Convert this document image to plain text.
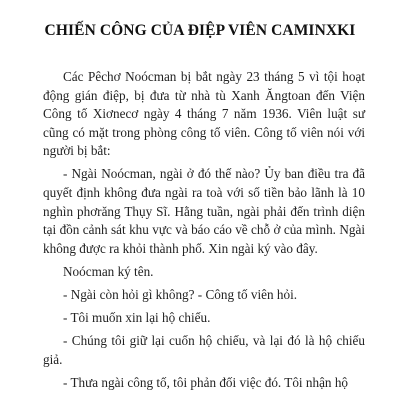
CHIẾN CÔNG CỦA ĐIỆP VIÊN CAMINXKI

Các Pêchơ Noócman bị bắt ngày 23 tháng 5 vì tội hoạt động gián điệp, bị đưa từ nhà tù Xanh Ăngtoan đến Viện Công tố Xiơnecơ ngày 4 tháng 7 năm 1936. Viên luật sư cũng có mặt trong phòng công tố viên. Công tố viên nói với người bị bắt:

- Ngài Noócman, ngài ở đó thế nào? Ủy ban điều tra đã quyết định không đưa ngài ra toà với số tiền bảo lãnh là 10 nghìn phơrăng Thụy Sĩ. Hằng tuần, ngài phải đến trình diện tại đồn cảnh sát khu vực và báo cáo về chỗ ở của mình. Ngài không được ra khỏi thành phố. Xin ngài ký vào đây.

Noócman ký tên.

- Ngài còn hỏi gì không? - Công tố viên hỏi.

- Tôi muốn xin lại hộ chiếu.

- Chúng tôi giữ lại cuốn hộ chiếu, và lại đó là hộ chiếu giả.

- Thưa ngài công tố, tôi phản đối việc đó. Tôi nhận hộ
